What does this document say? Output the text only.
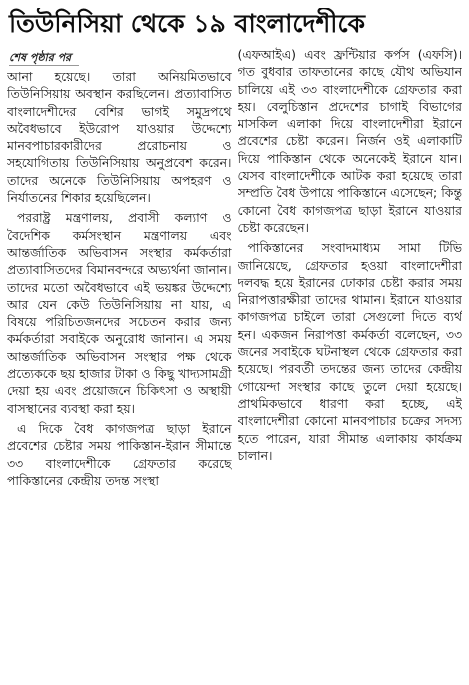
তিউনিসিয়া থেকে ১৯ বাংলাদেশীকে
শেষ পৃষ্ঠার পর

আনা হয়েছে। তারা অনিয়মিতভাবে তিউনিসিয়ায় অবস্থান করছিলেন। প্রত্যাবাসিত বাংলাদেশীদের বেশির ভাগই সমুদ্রপথে অবৈধভাবে ইউরোপ যাওয়ার উদ্দেশ্যে মানবপাচারকারীদের প্ররোচনায় ও সহযোগিতায় তিউনিসিয়ায় অনুপ্রবেশ করেন। তাদের অনেকে তিউনিসিয়ায় অপহরণ ও নির্যাতনের শিকার হয়েছিলেন।

পররাষ্ট্র মন্ত্রণালয়, প্রবাসী কল্যাণ ও বৈদেশিক কর্মসংস্থান মন্ত্রণালয় এবং আন্তর্জাতিক অভিবাসন সংস্থার কর্মকর্তারা প্রত্যাবাসিতদের বিমানবন্দরে অভ্যর্থনা জানান। তাদের মতো অবৈধভাবে এই ভয়ঙ্কর উদ্দেশ্যে আর যেন কেউ তিউনিসিয়ায় না যায়, এ বিষয়ে পরিচিতজনদের সচেতন করার জন্য কর্মকর্তারা সবাইকে অনুরোধ জানান। এ সময় আন্তর্জাতিক অভিবাসন সংস্থার পক্ষ থেকে প্রত্যেককে ছয় হাজার টাকা ও কিছু খাদ্যসামগ্রী দেয়া হয় এবং প্রয়োজনে চিকিৎসা ও অস্থায়ী বাসস্থানের ব্যবস্থা করা হয়।

এ দিকে বৈধ কাগজপত্র ছাড়া ইরানে প্রবেশের চেষ্টার সময় পাকিস্তান-ইরান সীমান্তে ৩৩ বাংলাদেশীকে গ্রেফতার করেছে পাকিস্তানের কেন্দ্রীয় তদন্ত সংস্থা

(এফআইএ) এবং ফ্রন্টিয়ার কর্পস (এফসি)। গত বুধবার তাফতানের কাছে যৌথ অভিযান চালিয়ে এই ৩৩ বাংলাদেশীকে গ্রেফতার করা হয়। বেলুচিস্তান প্রদেশের চাগাই বিভাগের মাসকিল এলাকা দিয়ে বাংলাদেশীরা ইরানে প্রবেশের চেষ্টা করেন। নির্জন ওই এলাকাটি দিয়ে পাকিস্তান থেকে অনেকেই ইরানে যান। যেসব বাংলাদেশীকে আটক করা হয়েছে তারা সম্প্রতি বৈধ উপায়ে পাকিস্তানে এসেছেন; কিন্তু কোনো বৈধ কাগজপত্র ছাড়া ইরানে যাওয়ার চেষ্টা করেছেন।

পাকিস্তানের সংবাদমাধ্যম সামা টিভি জানিয়েছে, গ্রেফতার হওয়া বাংলাদেশীরা দলবদ্ধ হয়ে ইরানের ঢোকার চেষ্টা করার সময় নিরাপত্তারক্ষীরা তাদের থামান। ইরানে যাওয়ার কাগজপত্র চাইলে তারা সেগুলো দিতে ব্যর্থ হন। একজন নিরাপত্তা কর্মকর্তা বলেছেন, ৩৩ জনের সবাইকে ঘটনাস্থল থেকে গ্রেফতার করা হয়েছে। পরবর্তী তদন্তের জন্য তাদের কেন্দ্রীয় গোয়েন্দা সংস্থার কাছে তুলে দেয়া হয়েছে। প্রাথমিকভাবে ধারণা করা হচ্ছে, এই বাংলাদেশীরা কোনো মানবপাচার চক্রের সদস্য হতে পারেন, যারা সীমান্ত এলাকায় কার্যক্রম চালান।
